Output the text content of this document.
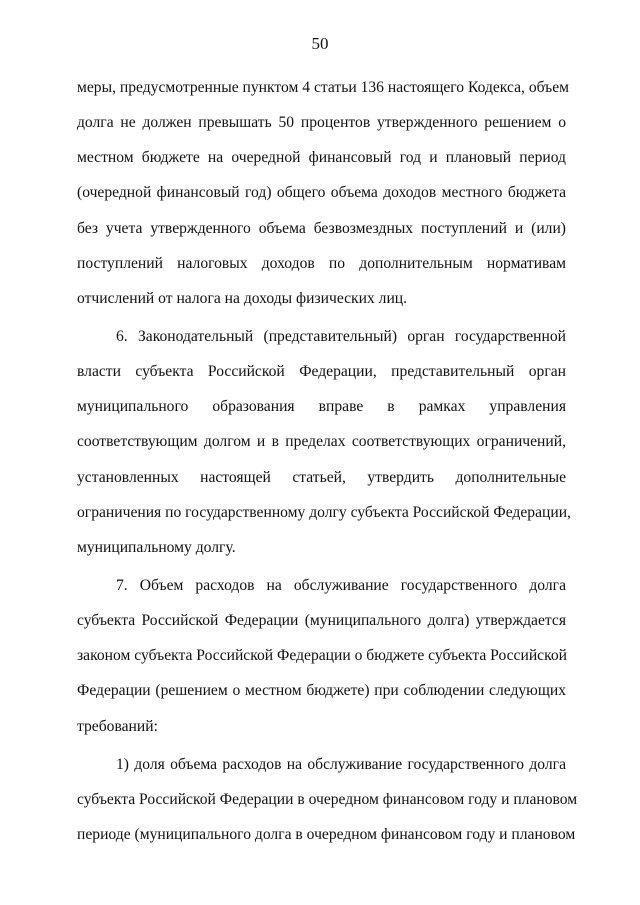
50
меры, предусмотренные пунктом 4 статьи 136 настоящего Кодекса, объем
долга не должен превышать 50 процентов утвержденного решением о
местном бюджете на очередной финансовый год и плановый период
(очередной финансовый год) общего объема доходов местного бюджета
без учета утвержденного объема безвозмездных поступлений и (или)
поступлений налоговых доходов по дополнительным нормативам
отчислений от налога на доходы физических лиц.
6. Законодательный (представительный) орган государственной
власти субъекта Российской Федерации, представительный орган
муниципального образования вправе в рамках управления
соответствующим долгом и в пределах соответствующих ограничений,
установленных настоящей статьей, утвердить дополнительные
ограничения по государственному долгу субъекта Российской Федерации,
муниципальному долгу.
7. Объем расходов на обслуживание государственного долга
субъекта Российской Федерации (муниципального долга) утверждается
законом субъекта Российской Федерации о бюджете субъекта Российской
Федерации (решением о местном бюджете) при соблюдении следующих
требований:
1) доля объема расходов на обслуживание государственного долга
субъекта Российской Федерации в очередном финансовом году и плановом
периоде (муниципального долга в очередном финансовом году и плановом
